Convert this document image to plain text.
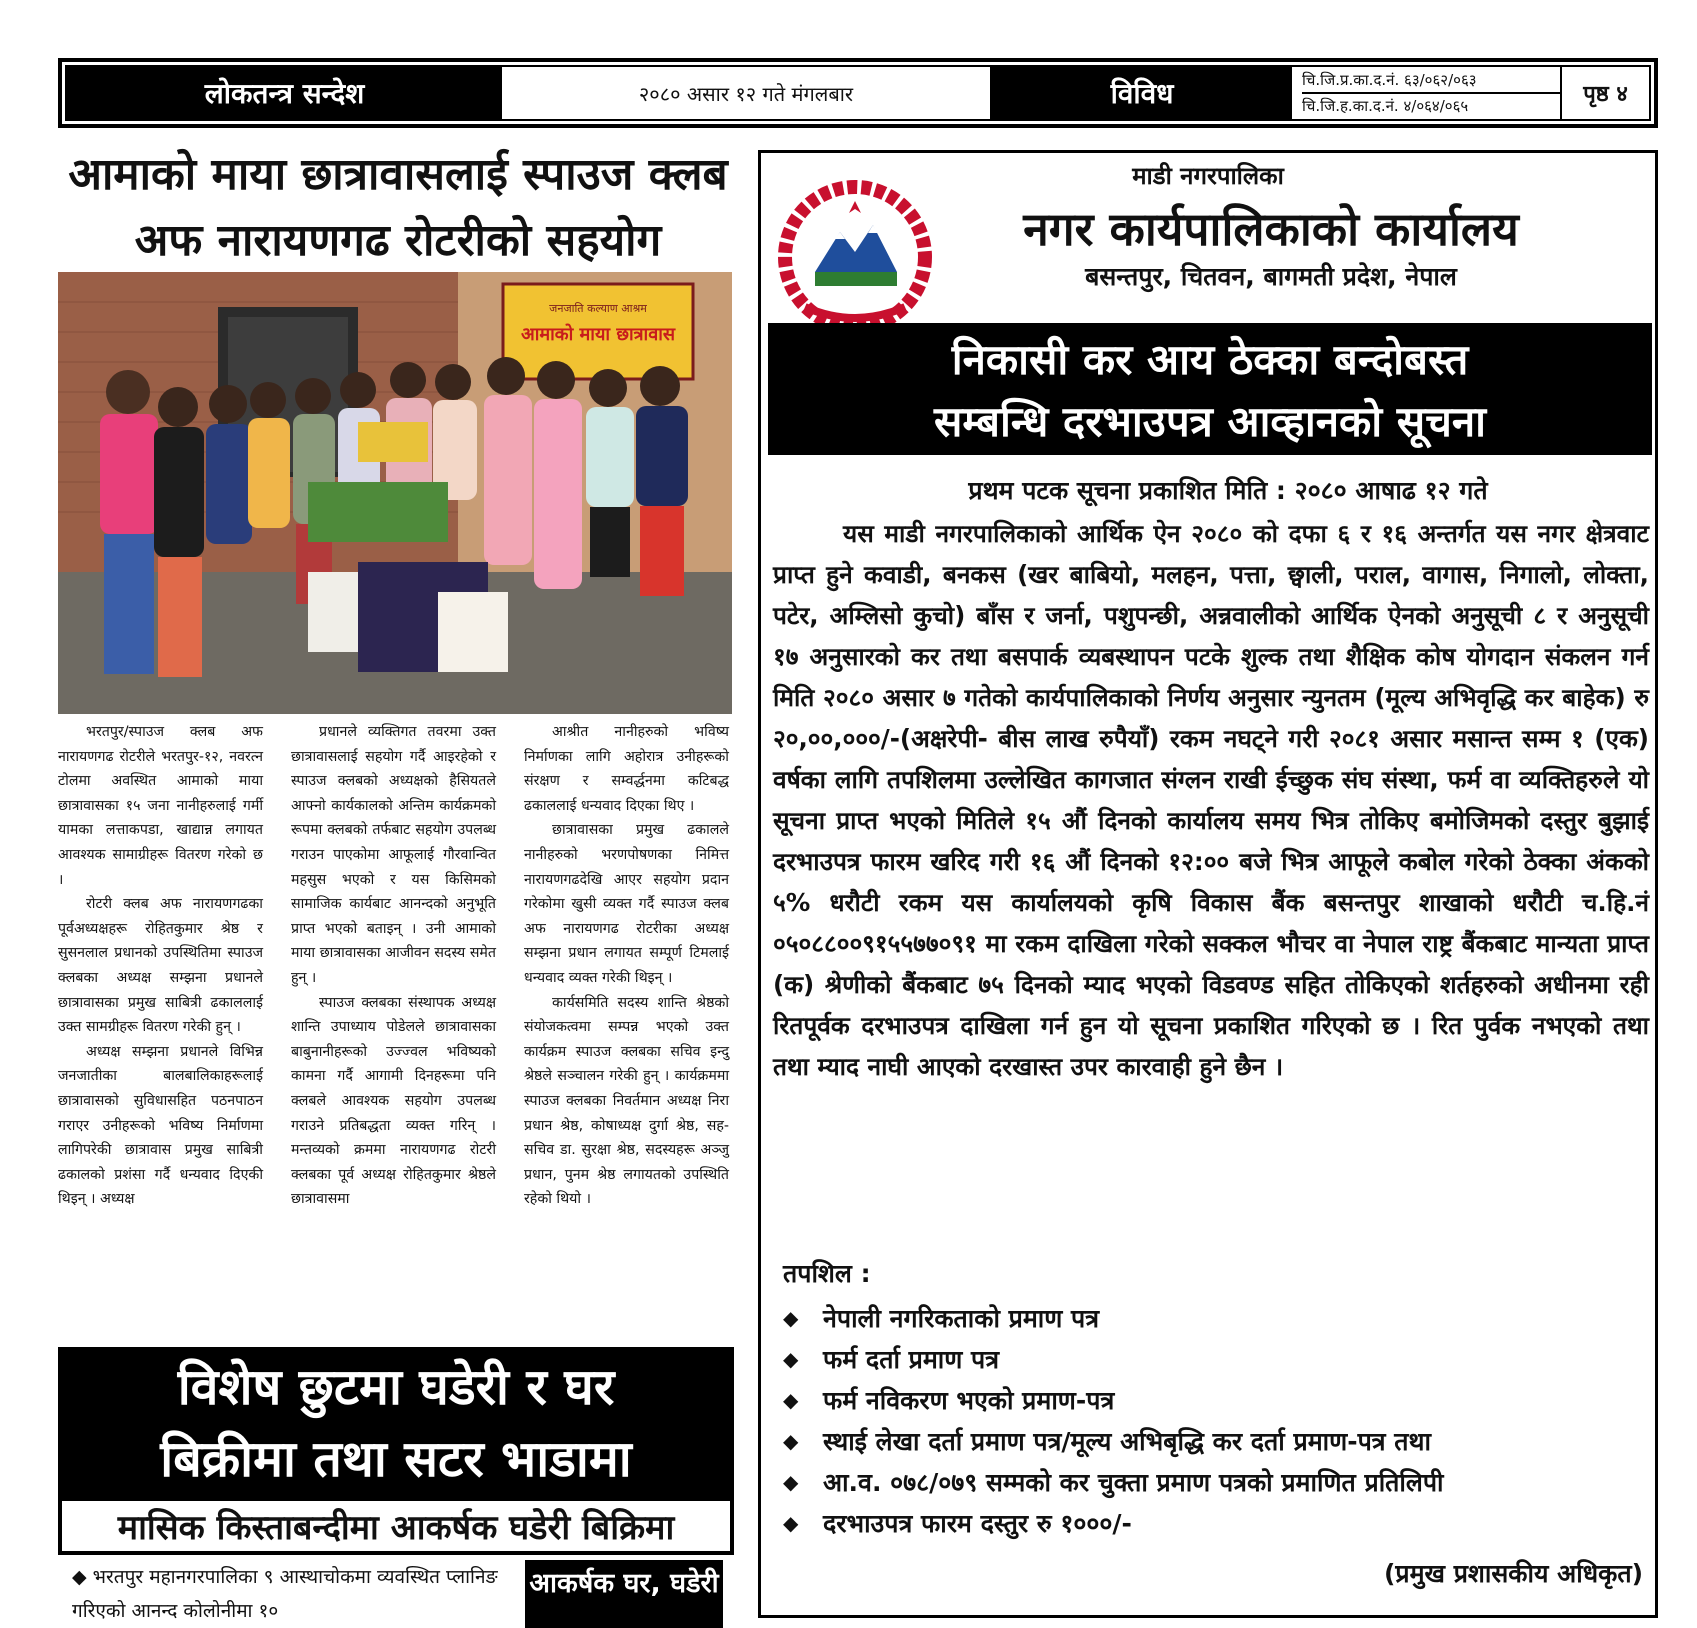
लोकतन्त्र सन्देश	२०८० असार १२ गते मंगलबार	विविध	चि.जि.प्र.का.द.नं. ६३/०६२/०६३
चि.जि.ह.का.द.नं. ४/०६४/०६५	पृष्ठ ४
आमाको माया छात्रावासलाई स्पाउज क्लब
अफ नारायणगढ रोटरीको सहयोग
जनजाति कल्याण आश्रम
आमाको माया छात्रावास

भरतपुर/स्पाउज क्लब अफ नारायणगढ रोटरीले भरतपुर-१२, नवरत्न टोलमा अवस्थित आमाको माया छात्रावासका १५ जना नानीहरुलाई गर्मी यामका लत्ताकपडा, खाद्यान्न लगायत आवश्यक सामाग्रीहरू वितरण गरेको छ ।

रोटरी क्लब अफ नारायणगढका पूर्वअध्यक्षहरू रोहितकुमार श्रेष्ठ र सुसनलाल प्रधानको उपस्थितिमा स्पाउज क्लबका अध्यक्ष सम्झना प्रधानले छात्रावासका प्रमुख साबित्री ढकाललाई उक्त सामग्रीहरू वितरण गरेकी हुन् ।

अध्यक्ष सम्झना प्रधानले विभिन्न जनजातीका बालबालिकाहरूलाई छात्रावासको सुविधासहित पठनपाठन गराएर उनीहरूको भविष्य निर्माणमा लागिपरेकी छात्रावास प्रमुख साबित्री ढकालको प्रशंसा गर्दै धन्यवाद दिएकी थिइन् । अध्यक्ष

प्रधानले व्यक्तिगत तवरमा उक्त छात्रावासलाई सहयोग गर्दै आइरहेको र स्पाउज क्लबको अध्यक्षको हैसियतले आफ्नो कार्यकालको अन्तिम कार्यक्रमको रूपमा क्लबको तर्फबाट सहयोग उपलब्ध गराउन पाएकोमा आफूलाई गौरवान्वित महसुस भएको र यस किसिमको सामाजिक कार्यबाट आनन्दको अनुभूति प्राप्त भएको बताइन् । उनी आमाको माया छात्रावासका आजीवन सदस्य समेत हुन् ।

स्पाउज क्लबका संस्थापक अध्यक्ष शान्ति उपाध्याय पोडेलले छात्रावासका बाबुनानीहरूको उज्ज्वल भविष्यको कामना गर्दै आगामी दिनहरूमा पनि क्लबले आवश्यक सहयोग उपलब्ध गराउने प्रतिबद्धता व्यक्त गरिन् । मन्तव्यको क्रममा नारायणगढ रोटरी क्लबका पूर्व अध्यक्ष रोहितकुमार श्रेष्ठले छात्रावासमा

आश्रीत नानीहरुको भविष्य निर्माणका लागि अहोरात्र उनीहरूको संरक्षण र सम्वर्द्धनमा कटिबद्ध ढकाललाई धन्यवाद दिएका थिए ।

छात्रावासका प्रमुख ढकालले नानीहरुको भरणपोषणका निमित्त नारायणगढदेखि आएर सहयोग प्रदान गरेकोमा खुसी व्यक्त गर्दै स्पाउज क्लब अफ नारायणगढ रोटरीका अध्यक्ष सम्झना प्रधान लगायत सम्पूर्ण टिमलाई धन्यवाद व्यक्त गरेकी थिइन् ।

कार्यसमिति सदस्य शान्ति श्रेष्ठको संयोजकत्वमा सम्पन्न भएको उक्त कार्यक्रम स्पाउज क्लबका सचिव इन्दु श्रेष्ठले सञ्चालन गरेकी हुन् । कार्यक्रममा स्पाउज क्लबका निवर्तमान अध्यक्ष निरा प्रधान श्रेष्ठ, कोषाध्यक्ष दुर्गा श्रेष्ठ, सह-सचिव डा. सुरक्षा श्रेष्ठ, सदस्यहरू अञ्जु प्रधान, पुनम श्रेष्ठ लगायतको उपस्थिति रहेको थियो ।

विशेष छुटमा घडेरी र घर
बिक्रीमा तथा सटर भाडामा
मासिक किस्ताबन्दीमा आकर्षक घडेरी बिक्रिमा
◆ भरतपुर महानगरपालिका ९ आस्थाचोकमा व्यवस्थित प्लानिङ गरिएको आनन्द कोलोनीमा १०
आकर्षक घर, घडेरी
माडी नगरपालिका
नगर कार्यपालिकाको कार्यालय
बसन्तपुर, चितवन, बागमती प्रदेश, नेपाल
निकासी कर आय ठेक्का बन्दोबस्त
सम्बन्धि दरभाउपत्र आव्हानको सूचना
प्रथम पटक सूचना प्रकाशित मिति : २०८० आषाढ १२ गते

यस माडी नगरपालिकाको आर्थिक ऐन २०८० को दफा ६ र १६ अन्तर्गत यस नगर क्षेत्रवाट प्राप्त हुने कवाडी, बनकस (खर बाबियो, मलहन, पत्ता, छ्वाली, पराल, वागास, निगालो, लोक्ता, पटेर, अम्लिसो कुचो) बाँस र जर्ना, पशुपन्छी, अन्नवालीको आर्थिक ऐनको अनुसूची ८ र अनुसूची १७ अनुसारको कर तथा बसपार्क व्यबस्थापन पटके शुल्क तथा शैक्षिक कोष योगदान संकलन गर्न मिति २०८० असार ७ गतेको कार्यपालिकाको निर्णय अनुसार न्युनतम (मूल्य अभिवृद्धि कर बाहेक) रु २०,००,०००/-(अक्षरेपी- बीस लाख रुपैयाँ) रकम नघट्ने गरी २०८१ असार मसान्त सम्म १ (एक) वर्षका लागि तपशिलमा उल्लेखित कागजात संग्लन राखी ईच्छुक संघ संस्था, फर्म वा व्यक्तिहरुले यो सूचना प्राप्त भएको मितिले १५ औं दिनको कार्यालय समय भित्र तोकिए बमोजिमको दस्तुर बुझाई दरभाउपत्र फारम खरिद गरी १६ औं दिनको १२:०० बजे भित्र आफूले कबोल गरेको ठेक्का अंकको ५% धरौटी रकम यस कार्यालयको कृषि विकास बैंक बसन्तपुर शाखाको धरौटी च.हि.नं ०५०८८००९१५५७७०९१ मा रकम दाखिला गरेको सक्कल भौचर वा नेपाल राष्ट्र बैंकबाट मान्यता प्राप्त (क) श्रेणीको बैंकबाट ७५ दिनको म्याद भएको विडवण्ड सहित तोकिएको शर्तहरुको अधीनमा रही रितपूर्वक दरभाउपत्र दाखिला गर्न हुन यो सूचना प्रकाशित गरिएको छ । रित पुर्वक नभएको तथा तथा म्याद नाघी आएको दरखास्त उपर कारवाही हुने छैन ।

तपशिल :
◆ नेपाली नगरिकताको प्रमाण पत्र
◆ फर्म दर्ता प्रमाण पत्र
◆ फर्म नविकरण भएको प्रमाण-पत्र
◆ स्थाई लेखा दर्ता प्रमाण पत्र/मूल्य अभिबृद्धि कर दर्ता प्रमाण-पत्र तथा
◆ आ.व. ०७८/०७९ सम्मको कर चुक्ता प्रमाण पत्रको प्रमाणित प्रतिलिपी
◆ दरभाउपत्र फारम दस्तुर रु १०००/-
(प्रमुख प्रशासकीय अधिकृत)
